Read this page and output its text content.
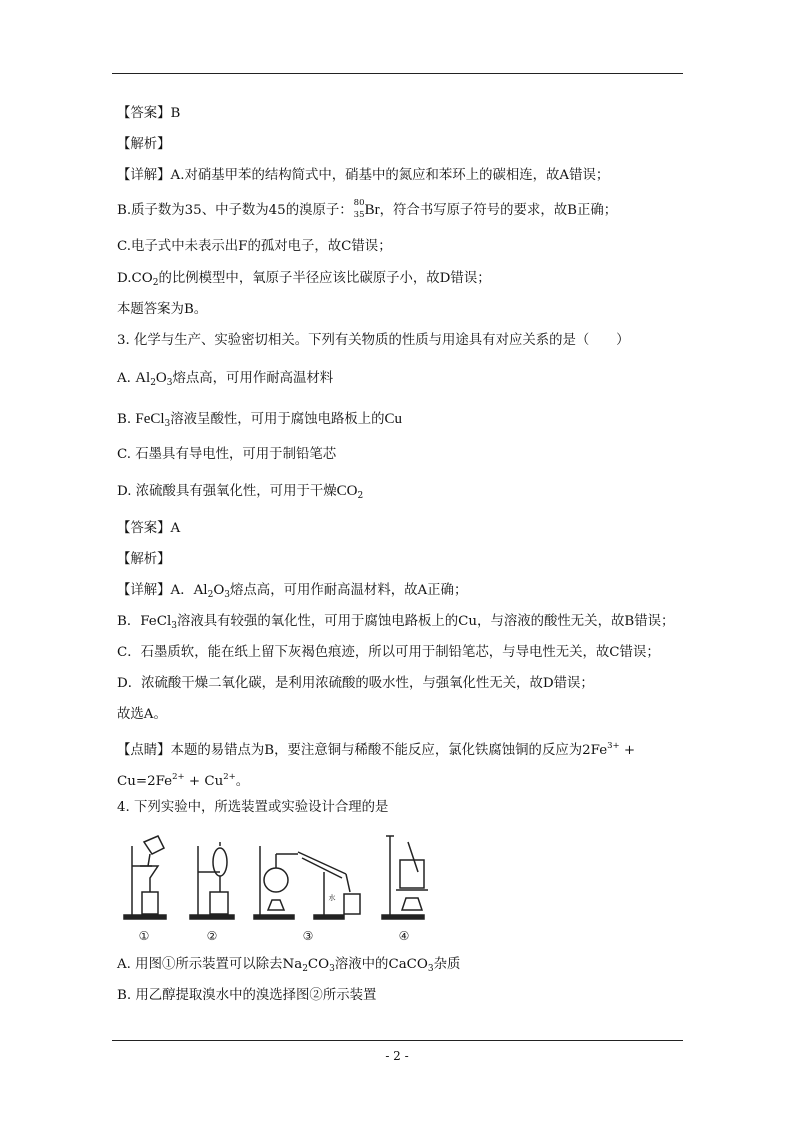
【答案】B
【解析】
【详解】A.对硝基甲苯的结构简式中，硝基中的氮应和苯环上的碳相连，故A错误；
B.质子数为35、中子数为45的溴原子： 80
35 Br，符合书写原子符号的要求，故B正确；
C.电子式中未表示出F的孤对电子，故C错误；
$D.CO_2$的比例模型中，氧原子半径应该比碳原子小，故D错误；
本题答案为B。
3. 化学与生产、实验密切相关。下列有关物质的性质与用途具有对应关系的是（　　）
A. $Al_2O_3$熔点高，可用作耐高温材料
B. FeCl$_3$溶液呈酸性，可用于腐蚀电路板上的Cu
C. 石墨具有导电性，可用于制铅笔芯
D. 浓硫酸具有强氧化性，可用于干燥$CO_2$
【答案】A
【解析】
【详解】A．$Al_2O_3$熔点高，可用作耐高温材料，故A正确；
B．FeCl$_3$溶液具有较强的氧化性，可用于腐蚀电路板上的Cu，与溶液的酸性无关，故B错误；
C．石墨质软，能在纸上留下灰褐色痕迹，所以可用于制铅笔芯，与导电性无关，故C错误；
D．浓硫酸干燥二氧化碳，是利用浓硫酸的吸水性，与强氧化性无关，故D错误；
故选A。
【点睛】本题的易错点为B，要注意铜与稀酸不能反应，氯化铁腐蚀铜的反应为$2Fe^{3+}$ +
$Cu=2Fe^{2+} + Cu^{2+}$。
4. 下列实验中，所选装置或实验设计合理的是
①	②	③	④
水
A. 用图①所示装置可以除去$Na_2CO_3$溶液中的CaCO$_3$杂质
B. 用乙醇提取溴水中的溴选择图②所示装置
- 2 -
